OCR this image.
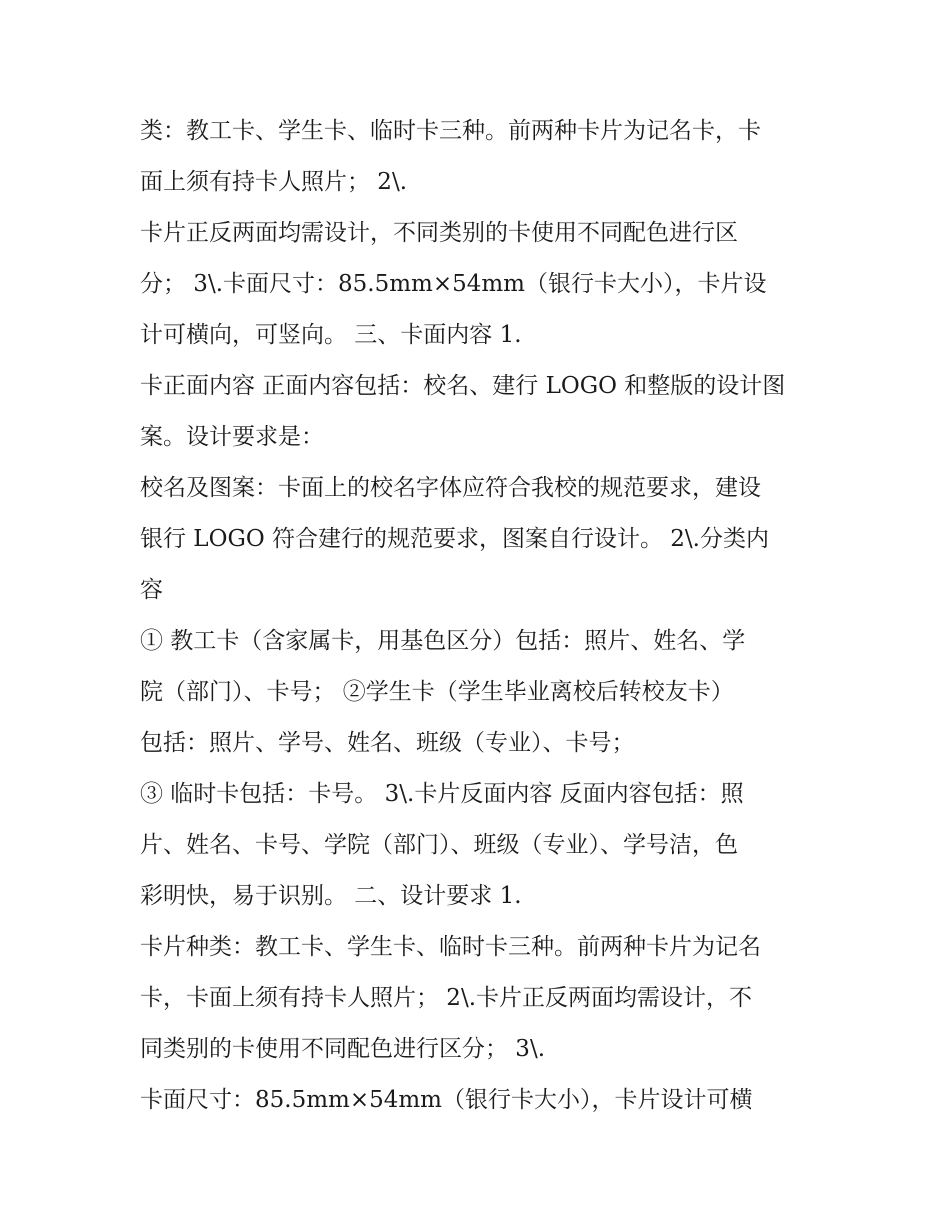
类：教工卡、学生卡、临时卡三种。前两种卡片为记名卡，卡
面上须有持卡人照片； 2\.
卡片正反两面均需设计，不同类别的卡使用不同配色进行区
分； 3\.卡面尺寸：85.5mm×54mm（银行卡大小），卡片设
计可横向，可竖向。 三、卡面内容 1.
卡正面内容 正面内容包括：校名、建行 LOGO 和整版的设计图
案。设计要求是：
校名及图案：卡面上的校名字体应符合我校的规范要求，建设
银行 LOGO 符合建行的规范要求，图案自行设计。 2\.分类内
容
① 教工卡（含家属卡，用基色区分）包括：照片、姓名、学
院（部门）、卡号； ②学生卡（学生毕业离校后转校友卡）
包括：照片、学号、姓名、班级（专业）、卡号；
③ 临时卡包括：卡号。 3\.卡片反面内容 反面内容包括：照
片、姓名、卡号、学院（部门）、班级（专业）、学号洁，色
彩明快，易于识别。 二、设计要求 1.
卡片种类：教工卡、学生卡、临时卡三种。前两种卡片为记名
卡，卡面上须有持卡人照片； 2\.卡片正反两面均需设计，不
同类别的卡使用不同配色进行区分； 3\.
卡面尺寸：85.5mm×54mm（银行卡大小），卡片设计可横
